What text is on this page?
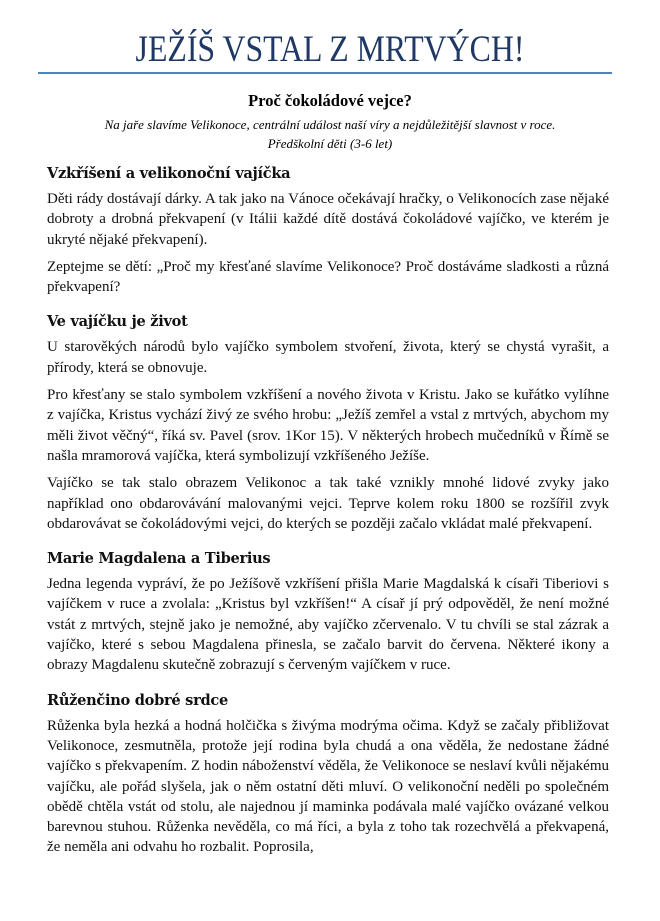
JEŽÍŠ VSTAL Z MRTVÝCH!
Proč čokoládové vejce?
Na jaře slavíme Velikonoce, centrální událost naší víry a nejdůležitější slavnost v roce.
Předškolní děti (3-6 let)
Vzkříšení a velikonoční vajíčka

Děti rády dostávají dárky. A tak jako na Vánoce očekávají hračky, o Velikonocích zase nějaké dobroty a drobná překvapení (v Itálii každé dítě dostává čokoládové vajíčko, ve kterém je ukryté nějaké překvapení).

Zeptejme se dětí: „Proč my křesťané slavíme Velikonoce? Proč dostáváme sladkosti a různá překvapení?

Ve vajíčku je život

U starověkých národů bylo vajíčko symbolem stvoření, života, který se chystá vyrašit, a přírody, která se obnovuje.

Pro křesťany se stalo symbolem vzkříšení a nového života v Kristu. Jako se kuřátko vylíhne z vajíčka, Kristus vychází živý ze svého hrobu: „Ježíš zemřel a vstal z mrtvých, abychom my měli život věčný“, říká sv. Pavel (srov. 1Kor 15). V některých hrobech mučedníků v Římě se našla mramorová vajíčka, která symbolizují vzkříšeného Ježíše.

Vajíčko se tak stalo obrazem Velikonoc a tak také vznikly mnohé lidové zvyky jako například ono obdarovávání malovanými vejci. Teprve kolem roku 1800 se rozšířil zvyk obdarovávat se čokoládovými vejci, do kterých se později začalo vkládat malé překvapení.

Marie Magdalena a Tiberius

Jedna legenda vypráví, že po Ježíšově vzkříšení přišla Marie Magdalská k císaři Tiberiovi s vajíčkem v ruce a zvolala: „Kristus byl vzkříšen!“ A císař jí prý odpověděl, že není možné vstát z mrtvých, stejně jako je nemožné, aby vajíčko zčervenalo. V tu chvíli se stal zázrak a vajíčko, které s sebou Magdalena přinesla, se začalo barvit do červena. Některé ikony a obrazy Magdalenu skutečně zobrazují s červeným vajíčkem v ruce.

Růženčino dobré srdce

Růženka byla hezká a hodná holčička s živýma modrýma očima. Když se začaly přibližovat Velikonoce, zesmutněla, protože její rodina byla chudá a ona věděla, že nedostane žádné vajíčko s překvapením. Z hodin náboženství věděla, že Velikonoce se neslaví kvůli nějakému vajíčku, ale pořád slyšela, jak o něm ostatní děti mluví. O velikonoční neděli po společném obědě chtěla vstát od stolu, ale najednou jí maminka podávala malé vajíčko ovázané velkou barevnou stuhou. Růženka nevěděla, co má říci, a byla z toho tak rozechvělá a překvapená, že neměla ani odvahu ho rozbalit. Poprosila,
